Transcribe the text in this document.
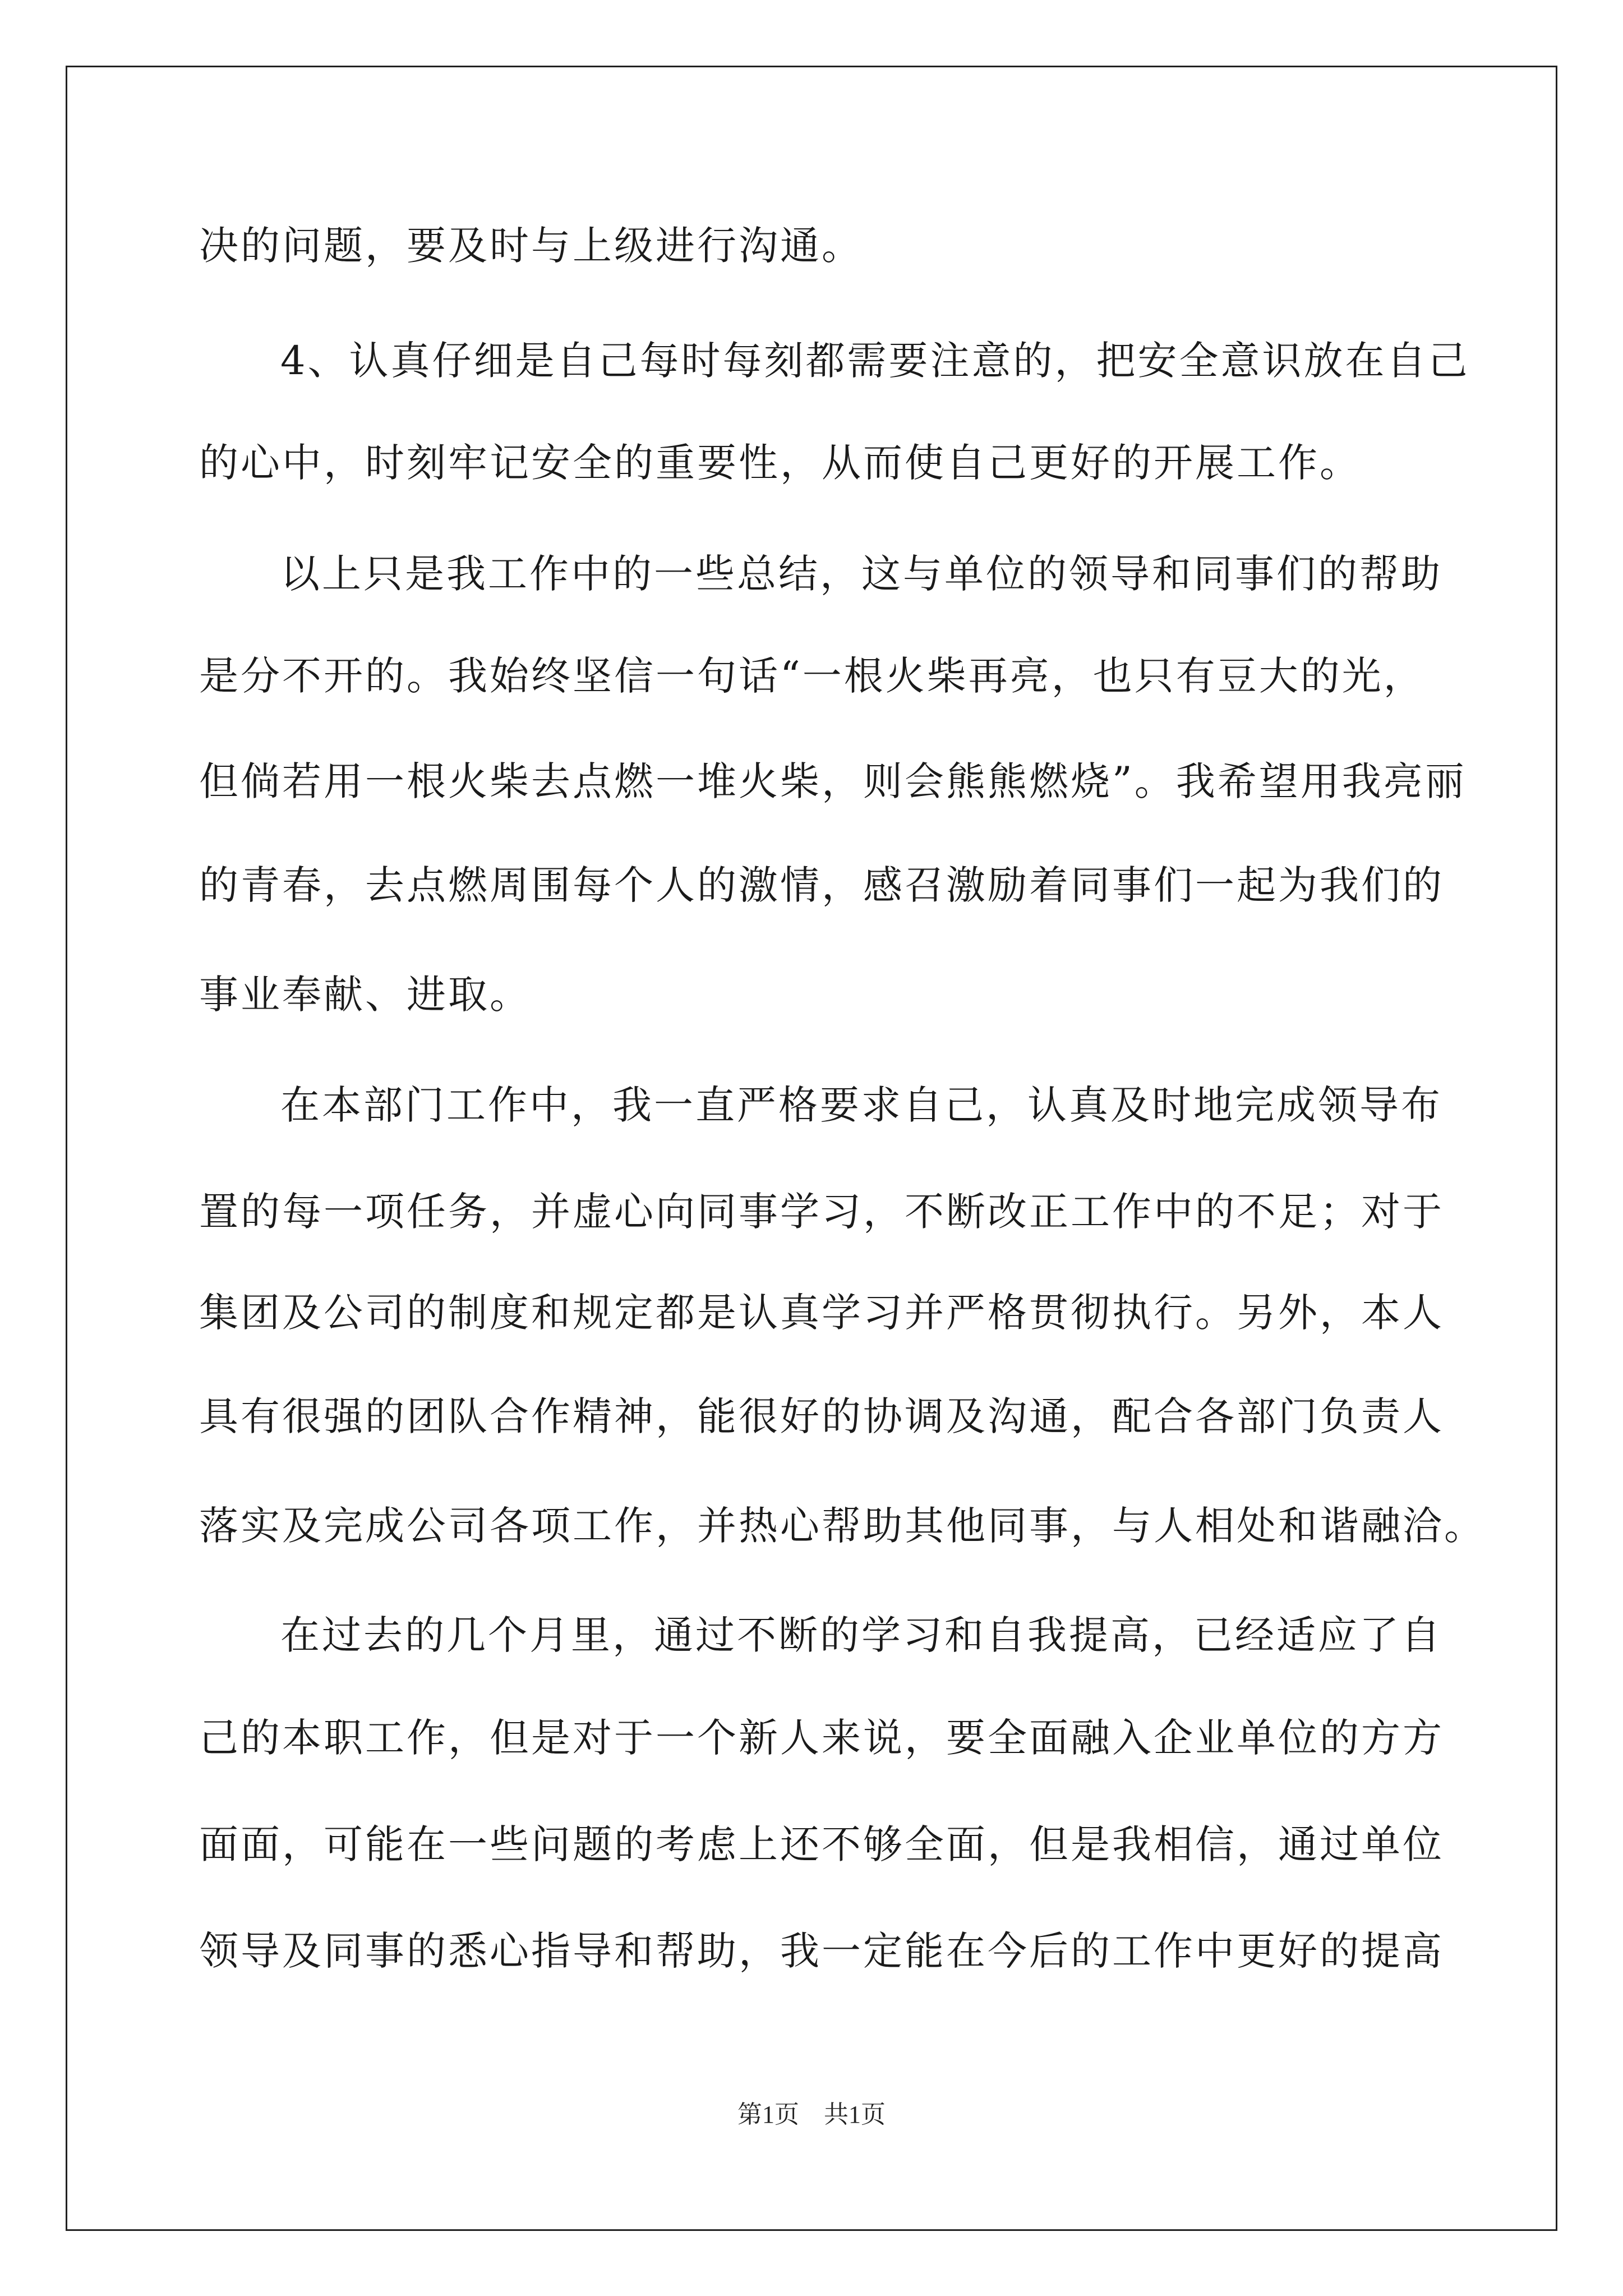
决的问题，要及时与上级进行沟通。
4、认真仔细是自己每时每刻都需要注意的，把安全意识放在自己
的心中，时刻牢记安全的重要性，从而使自己更好的开展工作。
以上只是我工作中的一些总结，这与单位的领导和同事们的帮助
是分不开的。我始终坚信一句话“一根火柴再亮，也只有豆大的光，
但倘若用一根火柴去点燃一堆火柴，则会熊熊燃烧”。我希望用我亮丽
的青春，去点燃周围每个人的激情，感召激励着同事们一起为我们的
事业奉献、进取。
在本部门工作中，我一直严格要求自己，认真及时地完成领导布
置的每一项任务，并虚心向同事学习，不断改正工作中的不足；对于
集团及公司的制度和规定都是认真学习并严格贯彻执行。另外，本人
具有很强的团队合作精神，能很好的协调及沟通，配合各部门负责人
落实及完成公司各项工作，并热心帮助其他同事，与人相处和谐融洽。
在过去的几个月里，通过不断的学习和自我提高，已经适应了自
己的本职工作，但是对于一个新人来说，要全面融入企业单位的方方
面面，可能在一些问题的考虑上还不够全面，但是我相信，通过单位
领导及同事的悉心指导和帮助，我一定能在今后的工作中更好的提高
第1页　共1页
